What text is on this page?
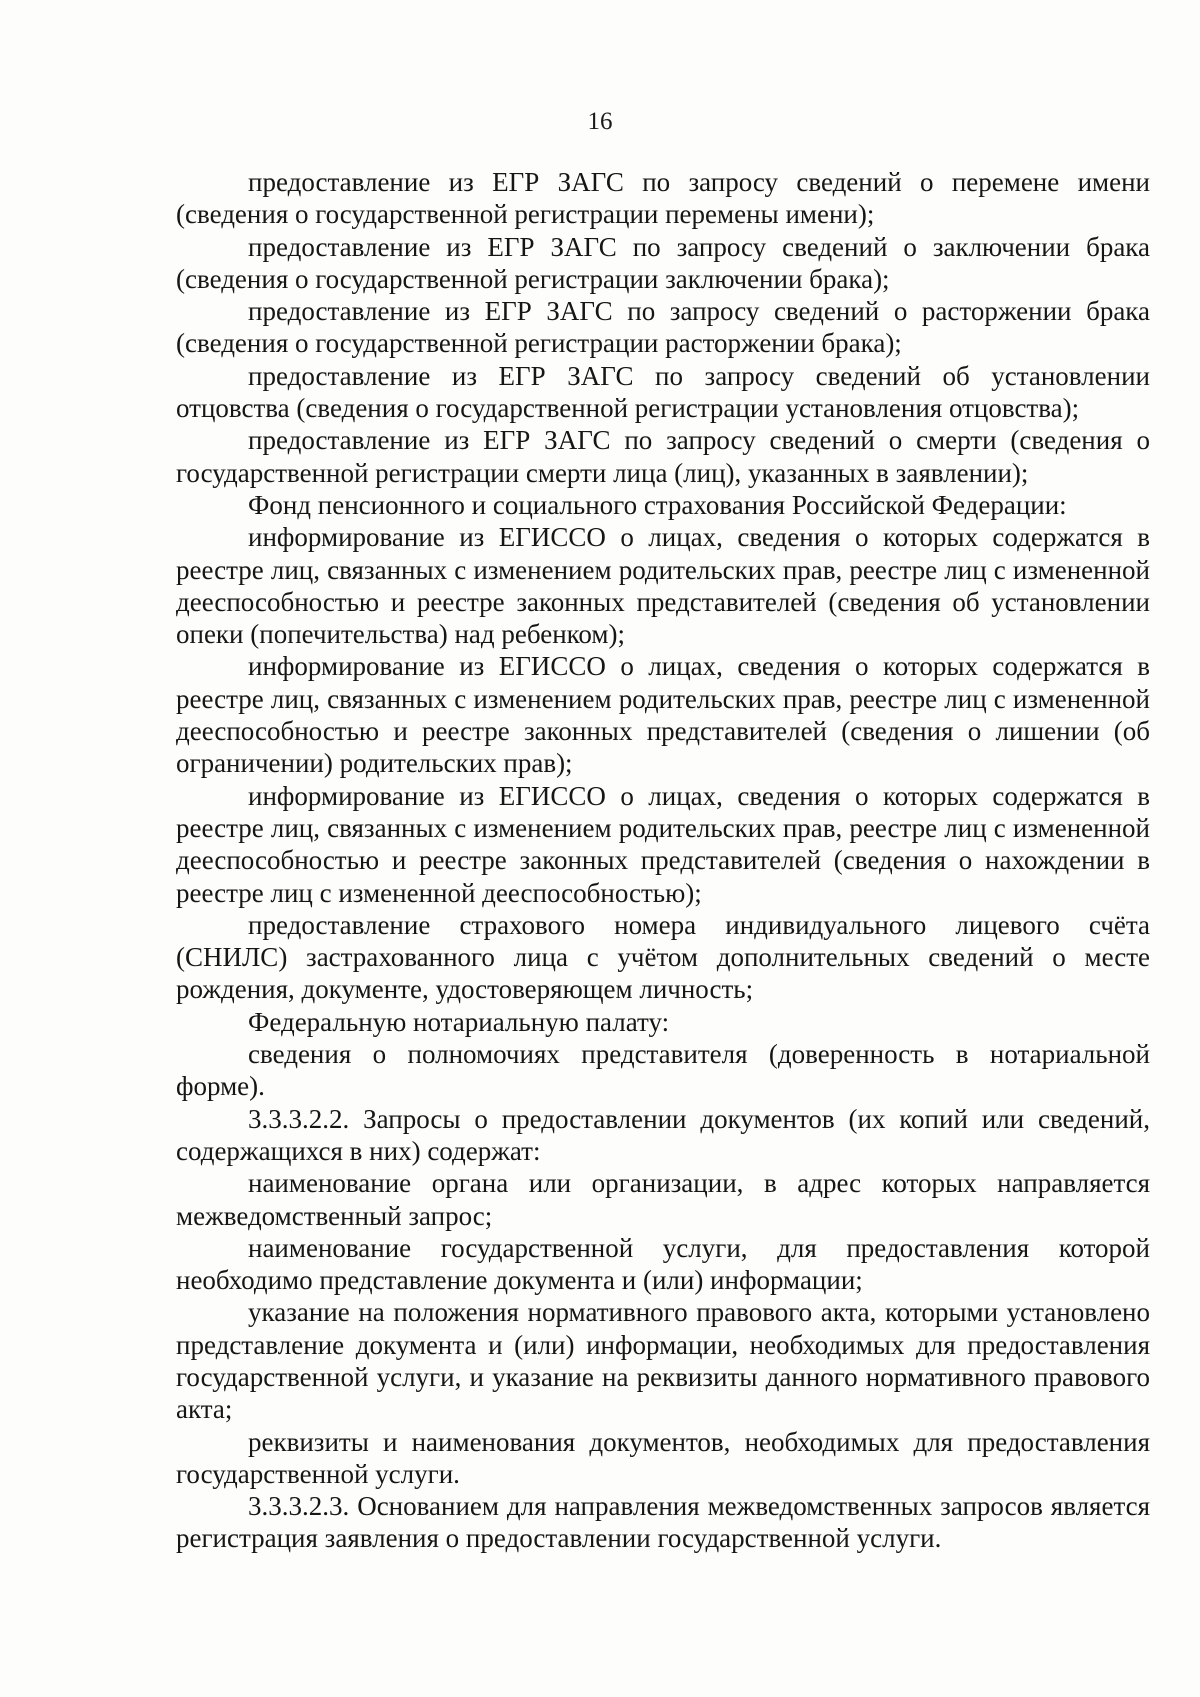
16

предоставление из ЕГР ЗАГС по запросу сведений о перемене имени (сведения о государственной регистрации перемены имени);

предоставление из ЕГР ЗАГС по запросу сведений о заключении брака (сведения о государственной регистрации заключении брака);

предоставление из ЕГР ЗАГС по запросу сведений о расторжении брака (сведения о государственной регистрации расторжении брака);

предоставление из ЕГР ЗАГС по запросу сведений об установлении отцовства (сведения о государственной регистрации установления отцовства);

предоставление из ЕГР ЗАГС по запросу сведений о смерти (сведения о государственной регистрации смерти лица (лиц), указанных в заявлении);

Фонд пенсионного и социального страхования Российской Федерации:

информирование из ЕГИССО о лицах, сведения о которых содержатся в реестре лиц, связанных с изменением родительских прав, реестре лиц с измененной дееспособностью и реестре законных представителей (сведения об установлении опеки (попечительства) над ребенком);

информирование из ЕГИССО о лицах, сведения о которых содержатся в реестре лиц, связанных с изменением родительских прав, реестре лиц с измененной дееспособностью и реестре законных представителей (сведения о лишении (об ограничении) родительских прав);

информирование из ЕГИССО о лицах, сведения о которых содержатся в реестре лиц, связанных с изменением родительских прав, реестре лиц с измененной дееспособностью и реестре законных представителей (сведения о нахождении в реестре лиц с измененной дееспособностью);

предоставление страхового номера индивидуального лицевого счёта (СНИЛС) застрахованного лица с учётом дополнительных сведений о месте рождения, документе, удостоверяющем личность;

Федеральную нотариальную палату:

сведения о полномочиях представителя (доверенность в нотариальной форме).

3.3.3.2.2. Запросы о предоставлении документов (их копий или сведений, содержащихся в них) содержат:

наименование органа или организации, в адрес которых направляется межведомственный запрос;

наименование государственной услуги, для предоставления которой необходимо представление документа и (или) информации;

указание на положения нормативного правового акта, которыми установлено представление документа и (или) информации, необходимых для предоставления государственной услуги, и указание на реквизиты данного нормативного правового акта;

реквизиты и наименования документов, необходимых для предоставления государственной услуги.

3.3.3.2.3. Основанием для направления межведомственных запросов является регистрация заявления о предоставлении государственной услуги.
